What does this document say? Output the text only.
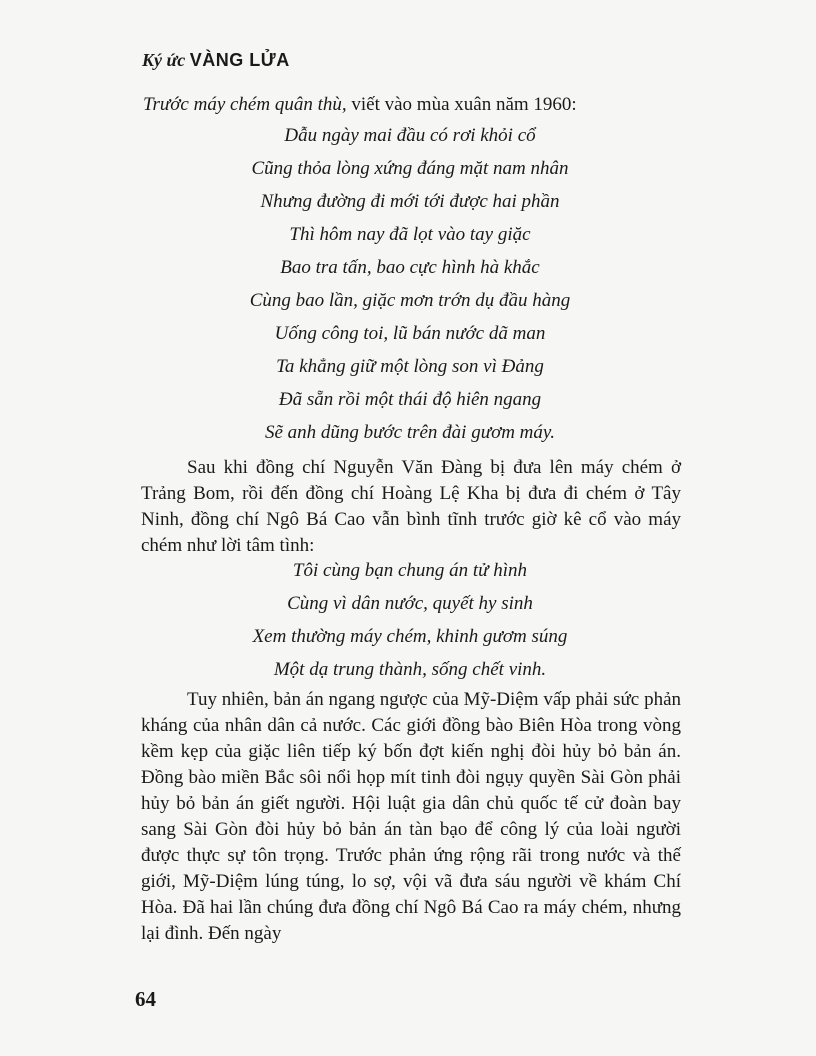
Ký ức VÀNG LỬA
Trước máy chém quân thù, viết vào mùa xuân năm 1960:
Dẫu ngày mai đầu có rơi khỏi cổ
Cũng thỏa lòng xứng đáng mặt nam nhân
Nhưng đường đi mới tới được hai phần
Thì hôm nay đã lọt vào tay giặc
Bao tra tấn, bao cực hình hà khắc
Cùng bao lần, giặc mơn trớn dụ đầu hàng
Uống công toi, lũ bán nước dã man
Ta khẳng giữ một lòng son vì Đảng
Đã sẵn rồi một thái độ hiên ngang
Sẽ anh dũng bước trên đài gươm máy.

Sau khi đồng chí Nguyễn Văn Đàng bị đưa lên máy chém ở Trảng Bom, rồi đến đồng chí Hoàng Lệ Kha bị đưa đi chém ở Tây Ninh, đồng chí Ngô Bá Cao vẫn bình tĩnh trước giờ kê cổ vào máy chém như lời tâm tình:

Tôi cùng bạn chung án tử hình
Cùng vì dân nước, quyết hy sinh
Xem thường máy chém, khinh gươm súng
Một dạ trung thành, sống chết vinh.

Tuy nhiên, bản án ngang ngược của Mỹ-Diệm vấp phải sức phản kháng của nhân dân cả nước. Các giới đồng bào Biên Hòa trong vòng kềm kẹp của giặc liên tiếp ký bốn đợt kiến nghị đòi hủy bỏ bản án. Đồng bào miền Bắc sôi nổi họp mít tinh đòi ngụy quyền Sài Gòn phải hủy bỏ bản án giết người. Hội luật gia dân chủ quốc tế cử đoàn bay sang Sài Gòn đòi hủy bỏ bản án tàn bạo để công lý của loài người được thực sự tôn trọng. Trước phản ứng rộng rãi trong nước và thế giới, Mỹ-Diệm lúng túng, lo sợ, vội vã đưa sáu người về khám Chí Hòa. Đã hai lần chúng đưa đồng chí Ngô Bá Cao ra máy chém, nhưng lại đình. Đến ngày

64
